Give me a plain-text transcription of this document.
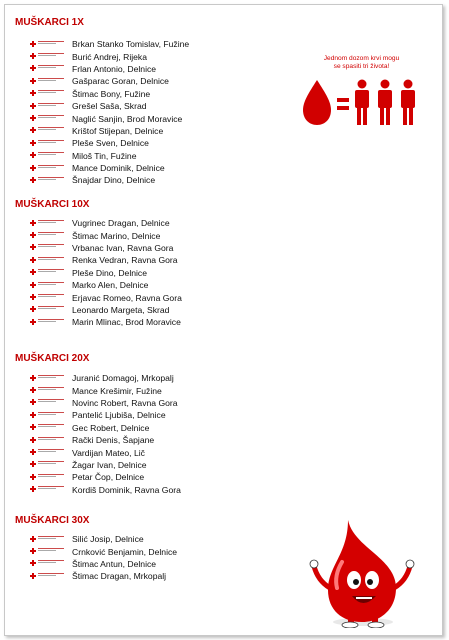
MUŠKARCI 1X
Brkan Stanko Tomislav, Fužine
Burić Andrej, Rijeka
Frlan Antonio, Delnice
Gašparac Goran, Delnice
Štimac Bony, Fužine
Grešel Saša, Skrad
Naglić Sanjin, Brod Moravice
Krištof Stijepan, Delnice
Pleše Sven, Delnice
Miloš Tin, Fužine
Mance Dominik, Delnice
Šnajdar Dino, Delnice
MUŠKARCI 10X
Vugrinec Dragan, Delnice
Štimac Marino, Delnice
Vrbanac Ivan, Ravna Gora
Renka Vedran, Ravna Gora
Pleše Dino, Delnice
Marko Alen, Delnice
Erjavac Romeo, Ravna Gora
Leonardo Margeta, Skrad
Marin Mlinac, Brod Moravice
MUŠKARCI 20X
Juranić Domagoj, Mrkopalj
Mance Krešimir, Fužine
Novinc Robert, Ravna Gora
Pantelić Ljubiša, Delnice
Gec Robert, Delnice
Rački Denis, Šapjane
Vardijan Mateo, Lič
Žagar Ivan, Delnice
Petar Čop, Delnice
Kordiš Dominik, Ravna Gora
MUŠKARCI 30X
Silić Josip, Delnice
Crnković Benjamin, Delnice
Štimac Antun, Delnice
Štimac Dragan, Mrkopalj
Jednom dozom krvi mogu
se spasiti tri života!
